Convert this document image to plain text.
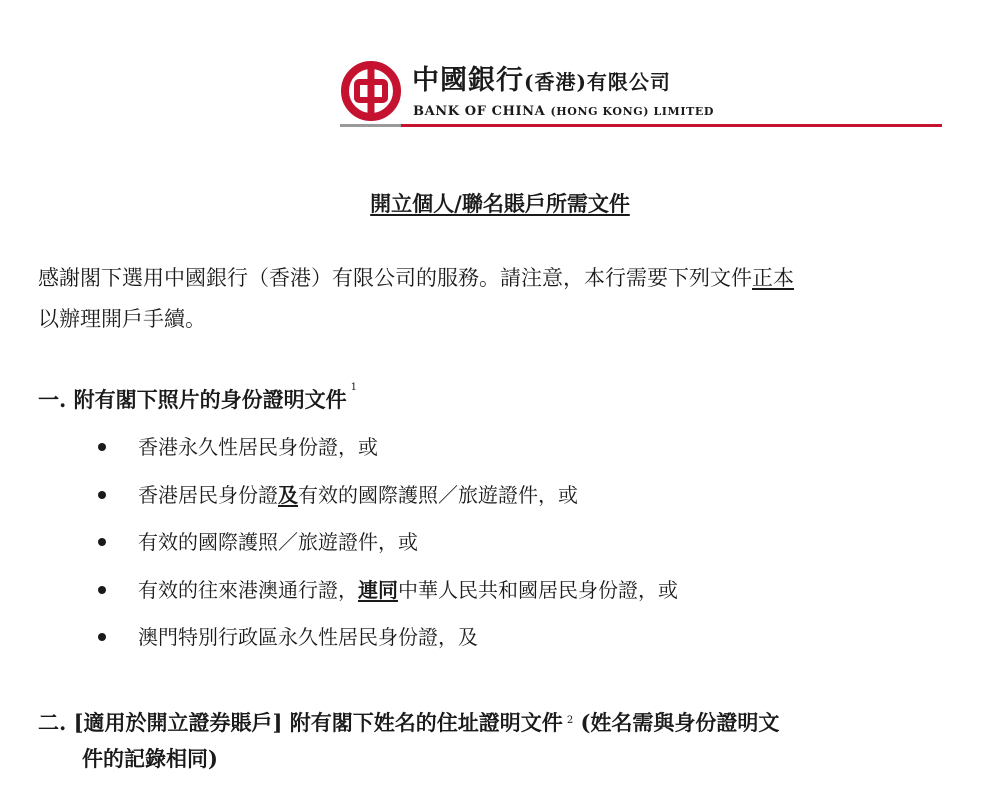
中國銀行(香港)有限公司
BANK OF CHINA (HONG KONG) LIMITED
開立個人/聯名賬戶所需文件
感謝閣下選用中國銀行（香港）有限公司的服務。請注意，本行需要下列文件正本
以辦理開戶手續。
一. 附有閣下照片的身份證明文件 $^1$
香港永久性居民身份證，或
香港居民身份證及有效的國際護照／旅遊證件，或
有效的國際護照／旅遊證件，或
有效的往來港澳通行證，連同中華人民共和國居民身份證，或
澳門特別行政區永久性居民身份證，及
二. [適用於開立證券賬戶] 附有閣下姓名的住址證明文件 $^2$ (姓名需與身份證明文
件的記錄相同)
